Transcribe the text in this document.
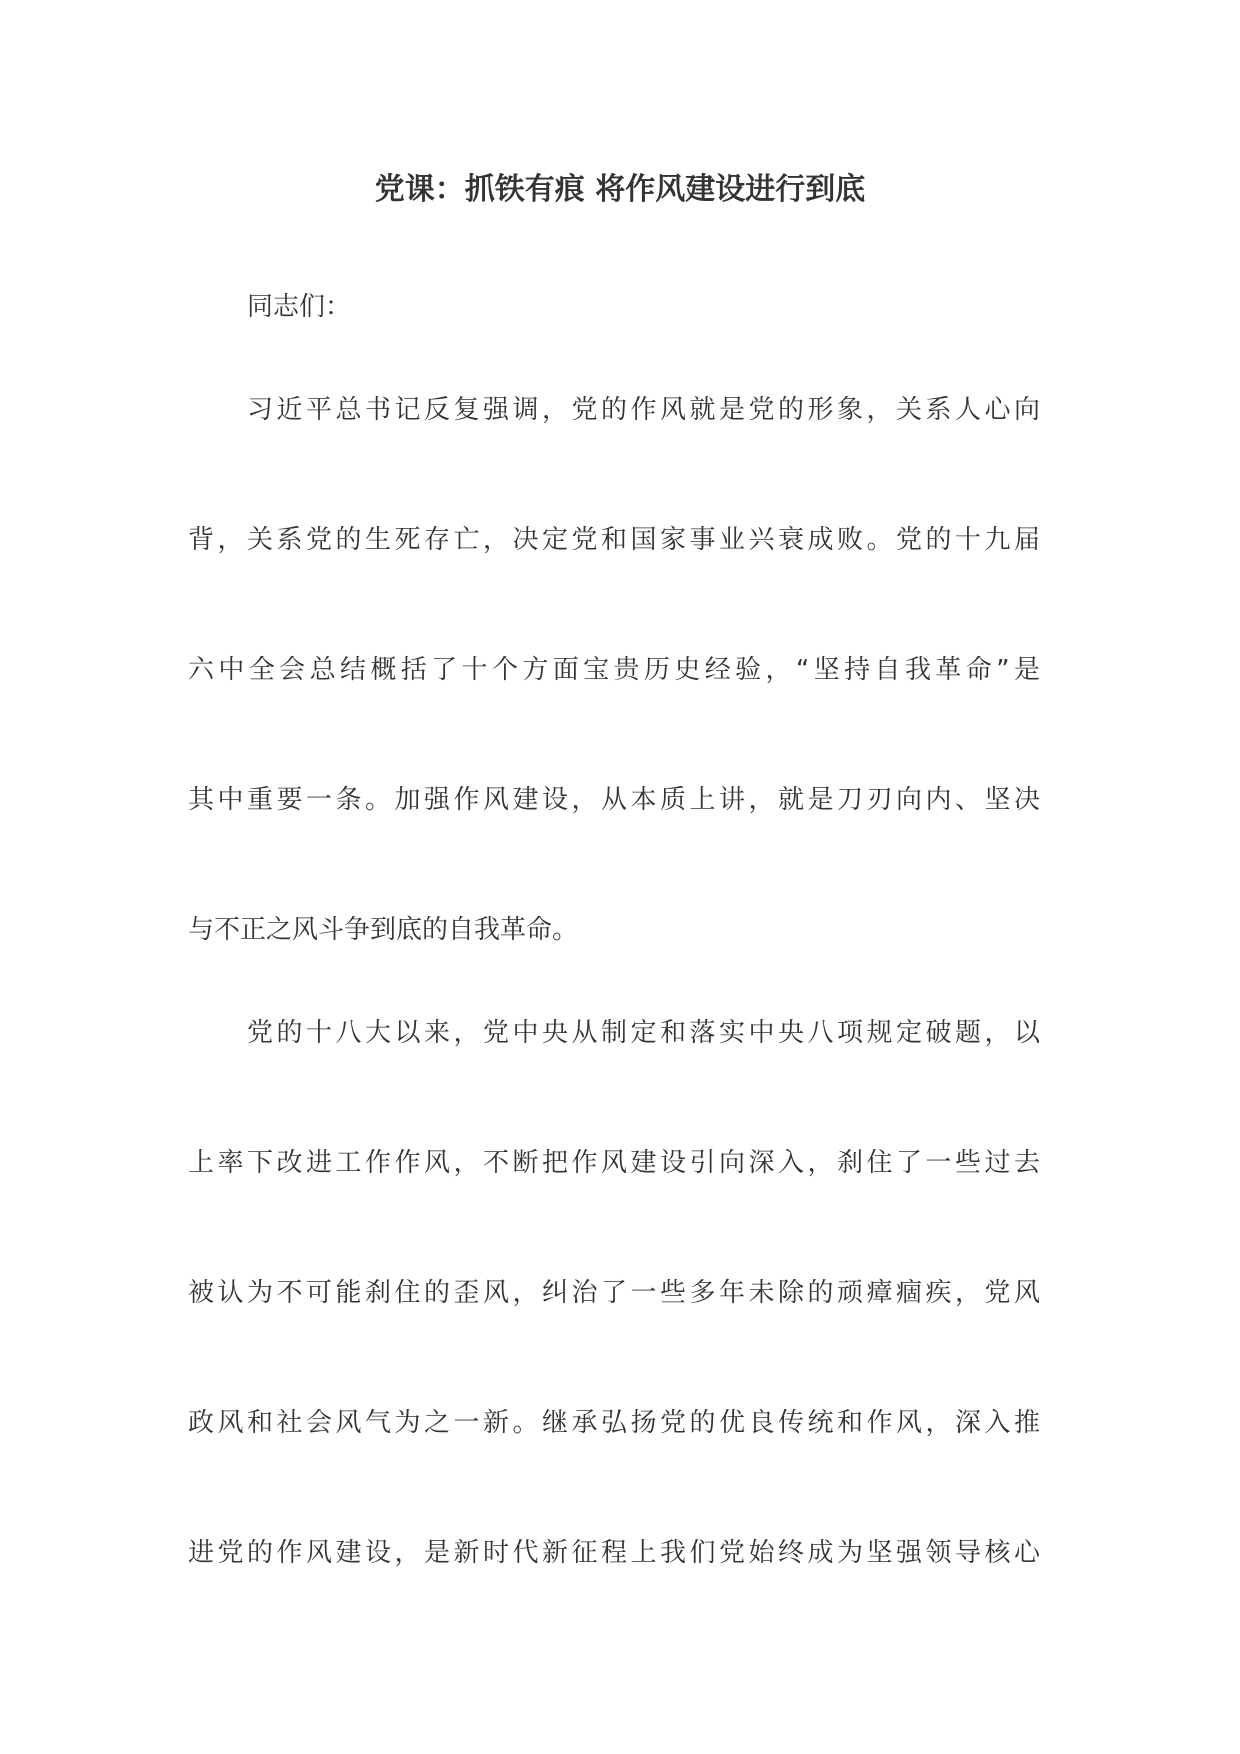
党课：抓铁有痕 将作风建设进行到底

同志们：

习近平总书记反复强调，党的作风就是党的形象，关系人心向

背，关系党的生死存亡，决定党和国家事业兴衰成败。党的十九届

六中全会总结概括了十个方面宝贵历史经验，“坚持自我革命”是

其中重要一条。加强作风建设，从本质上讲，就是刀刃向内、坚决

与不正之风斗争到底的自我革命。

党的十八大以来，党中央从制定和落实中央八项规定破题，以

上率下改进工作作风，不断把作风建设引向深入，刹住了一些过去

被认为不可能刹住的歪风，纠治了一些多年未除的顽瘴痼疾，党风

政风和社会风气为之一新。继承弘扬党的优良传统和作风，深入推

进党的作风建设，是新时代新征程上我们党始终成为坚强领导核心
